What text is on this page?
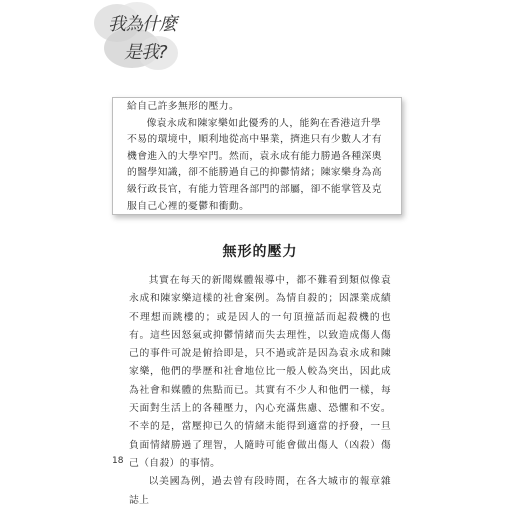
我為什麼
是我?

給自己許多無形的壓力。

像袁永成和陳家樂如此優秀的人，能夠在香港這升學不易的環境中，順利地從高中畢業，擠進只有少數人才有機會進入的大學窄門。然而，袁永成有能力勝過各種深奧的醫學知識，卻不能勝過自己的抑鬱情緒；陳家樂身為高級行政長官，有能力管理各部門的部屬，卻不能掌管及克服自己心裡的憂鬱和衝動。

無形的壓力

其實在每天的新聞媒體報導中，都不難看到類似像袁永成和陳家樂這樣的社會案例。為情自殺的；因課業成績不理想而跳樓的；或是因人的一句頂撞話而起殺機的也有。這些因怒氣或抑鬱情緒而失去理性，以致造成傷人傷己的事件可說是俯拾即是，只不過或許是因為袁永成和陳家樂，他們的學歷和社會地位比一般人較為突出，因此成為社會和媒體的焦點而已。其實有不少人和他們一樣，每天面對生活上的各種壓力，內心充滿焦慮、恐懼和不安。不幸的是，當壓抑已久的情緒未能得到適當的抒發，一旦負面情緒勝過了理智，人隨時可能會做出傷人（凶殺）傷己（自殺）的事情。

以美國為例，過去曾有段時間，在各大城市的報章雜誌上

18
